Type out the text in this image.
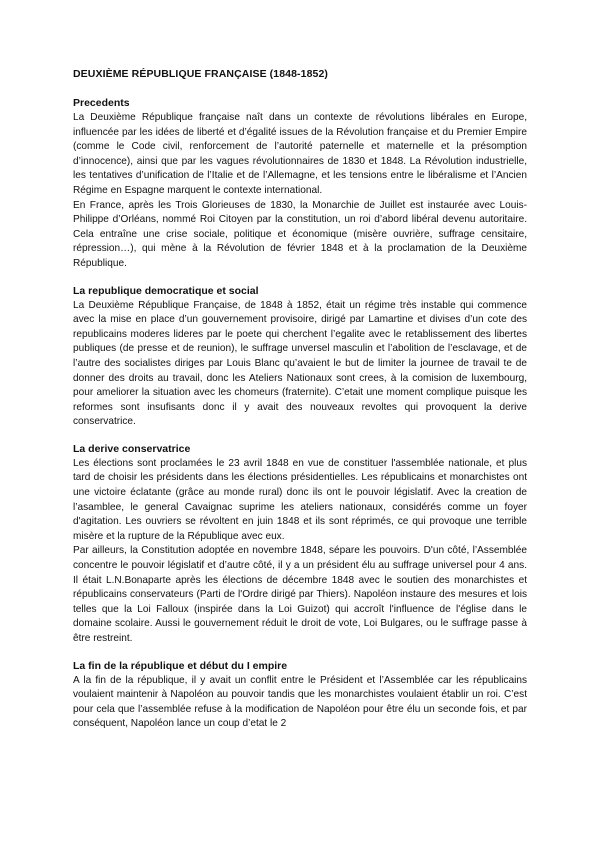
DEUXIÈME RÉPUBLIQUE FRANÇAISE (1848-1852)
Precedents

La Deuxième République française naît dans un contexte de révolutions libérales en Europe, influencée par les idées de liberté et d’égalité issues de la Révolution française et du Premier Empire (comme le Code civil, renforcement de l’autorité paternelle et maternelle et la présomption d’innocence), ainsi que par les vagues révolutionnaires de 1830 et 1848. La Révolution industrielle, les tentatives d’unification de l’Italie et de l’Allemagne, et les tensions entre le libéralisme et l’Ancien Régime en Espagne marquent le contexte international.

En France, après les Trois Glorieuses de 1830, la Monarchie de Juillet est instaurée avec Louis-Philippe d’Orléans, nommé Roi Citoyen par la constitution, un roi d’abord libéral devenu autoritaire. Cela entraîne une crise sociale, politique et économique (misère ouvrière, suffrage censitaire, répression…), qui mène à la Révolution de février 1848 et à la proclamation de la Deuxième République.

La republique democratique et social

La Deuxième République Française, de 1848 à 1852, était un régime très instable qui commence avec la mise en place d’un gouvernement provisoire, dirigé par Lamartine et divises d’un cote des republicains moderes lideres par le poete qui cherchent l’egalite avec le retablissement des libertes publiques (de presse et de reunion), le suffrage unversel masculin et l’abolition de l’esclavage, et de l’autre des socialistes diriges par Louis Blanc qu’avaient le but de limiter la journee de travail te de donner des droits au travail, donc les Ateliers Nationaux sont crees, à la comision de luxembourg, pour ameliorer la situation avec les chomeurs (fraternite). C’etait une moment complique puisque les reformes sont insufisants donc il y avait des nouveaux revoltes qui provoquent la derive conservatrice.

La derive conservatrice

Les élections sont proclamées le 23 avril 1848 en vue de constituer l'assemblée nationale, et plus tard de choisir les présidents dans les élections présidentielles. Les républicains et monarchistes ont une victoire éclatante (grâce au monde rural) donc ils ont le pouvoir législatif. Avec la creation de l’asamblee, le general Cavaignac suprime les ateliers nationaux, considérés comme un foyer d'agitation. Les ouvriers se révoltent en juin 1848 et ils sont réprimés, ce qui provoque une terrible misère et la rupture de la République avec eux.

Par ailleurs, la Constitution adoptée en novembre 1848, sépare les pouvoirs. D'un côté, l’Assemblée concentre le pouvoir législatif et d’autre côté, il y a un président élu au suffrage universel pour 4 ans. Il était L.N.Bonaparte après les élections de décembre 1848 avec le soutien des monarchistes et républicains conservateurs (Parti de l'Ordre dirigé par Thiers). Napoléon instaure des mesures et lois telles que la Loi Falloux (inspirée dans la Loi Guizot) qui accroît l'influence de l'église dans le domaine scolaire. Aussi le gouvernement réduit le droit de vote, Loi Bulgares, ou le suffrage passe à être restreint.

La fin de la république et début du I empire

A la fin de la république, il y avait un conflit entre le Président et l’Assemblée car les républicains voulaient maintenir à Napoléon au pouvoir tandis que les monarchistes voulaient établir un roi. C’est pour cela que l’assemblée refuse à la modification de Napoléon pour être élu un seconde fois, et par conséquent, Napoléon lance un coup d’etat le 2
